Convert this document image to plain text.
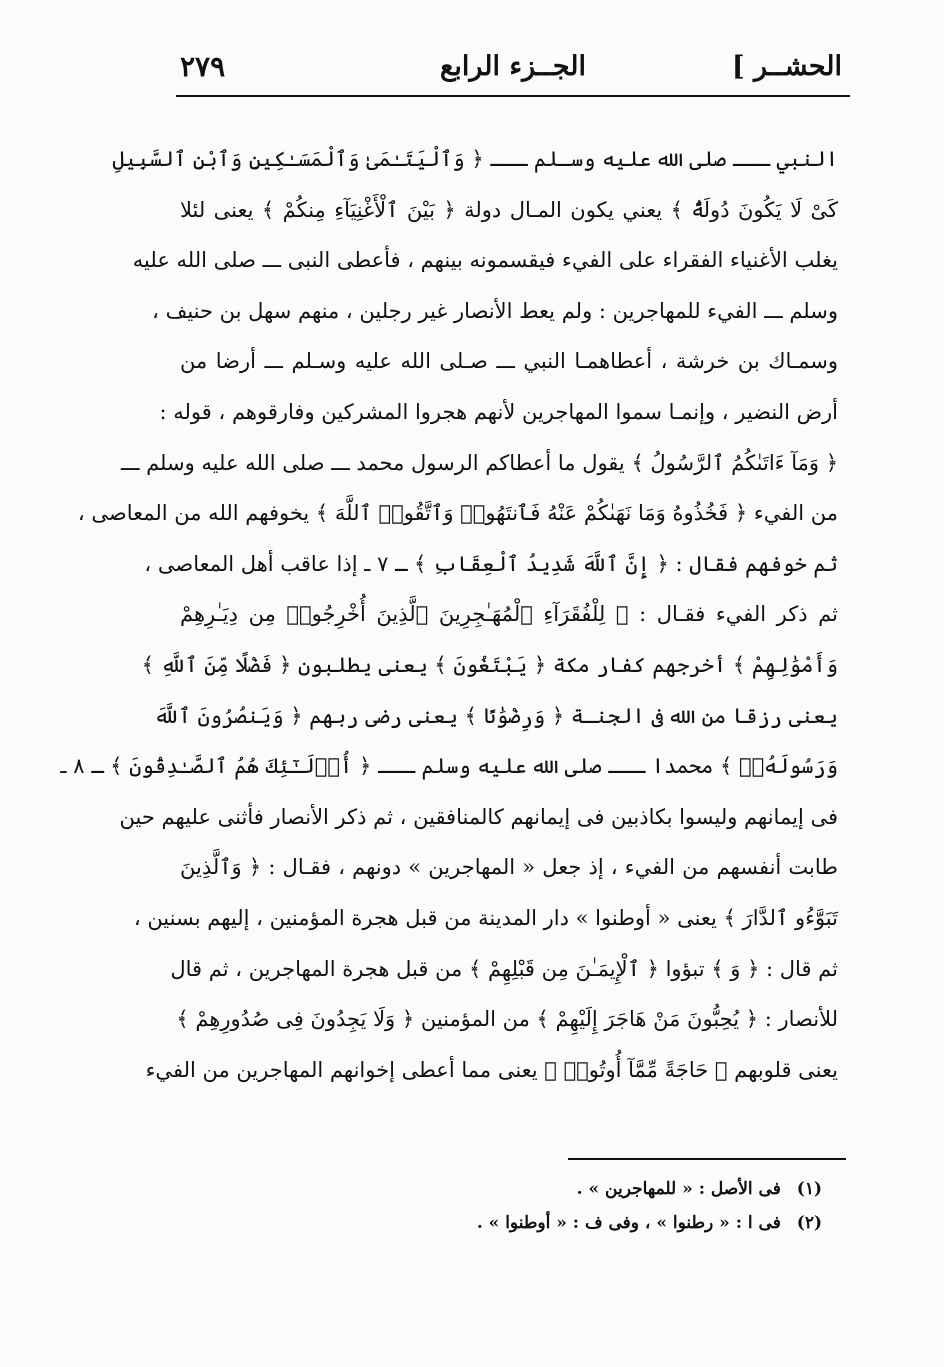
الحشــر ]
الجــزء الرابع
٢٧٩
النبي ـــ صلى الله عليه وسـلم ـــ ﴿ وَٱلْيَتَـٰمَىٰ وَٱلْمَسَـٰكِينِ وَٱبْنِ ٱلسَّبِيلِ
كَىْ لَا يَكُونَ دُولَةًۢ ﴾ يعني يكون المـال دولة ﴿ بَيْنَ ٱلْأَغْنِيَآءِ مِنكُمْ ﴾ يعنى لئلا
يغلب الأغنياء الفقراء على الفيء فيقسمونه بينهم ، فأعطى النبى ـــ صلى الله عليه
وسلم ـــ الفيء للمهاجرين : ولم يعط الأنصار غير رجلين ، منهم سهل بن حنيف ،
وسمـاك بن خرشة ، أعطاهمـا النبي ـــ صـلى الله عليه وسـلم ـــ أرضا من
أرض النضير ، وإنمـا سموا المهاجرين لأنهم هجروا المشركين وفارقوهم ، قوله :
﴿ وَمَآ ءَاتَىٰكُمُ ٱلرَّسُولُ ﴾ يقول ما أعطاكم الرسول محمد ـــ صلى الله عليه وسلم ـــ
من الفيء ﴿ فَخُذُوهُ وَمَا نَهَىٰكُمْ عَنْهُ فَٱنتَهُوا۟ وَٱتَّقُوا۟ ٱللَّهَ ﴾ يخوفهم الله من المعاصى ،
ثم خوفهم فقال : ﴿ إِنَّ ٱللَّهَ شَدِيدُ ٱلْعِقَابِ ﴾ ـ ٧ ـ إذا عاقب أهل المعاصى ،
ثم ذكر الفيء فقـال : ﴿ لِلْفُقَرَآءِ ٱلْمُهَـٰجِرِينَ ٱلَّذِينَ أُخْرِجُوا۟ مِن دِيَـٰرِهِمْ
وَأَمْوَٰلِهِمْ ﴾ أخرجهم كفار مكة ﴿ يَبْتَغُونَ ﴾ يعنى يطلبون ﴿ فَضْلًا مِّنَ ٱللَّهِ ﴾
يعنى رزقا من الله فى الجنـة ﴿ وَرِضْوَٰنًا ﴾ يعنى رضى ربهم ﴿ وَيَنصُرُونَ ٱللَّهَ
وَرَسُولَهُۥٓ ﴾ محمدا ـــ صلى الله عليه وسلم ـــ ﴿ أُو۟لَـٰٓئِكَ هُمُ ٱلصَّـٰدِقُونَ ﴾ ـ ٨ ـ
فى إيمانهم وليسوا بكاذبين فى إيمانهم كالمنافقين ، ثم ذكر الأنصار فأثنى عليهم حين
طابت أنفسهم من الفيء ، إذ جعل « المهاجرين » دونهم ، فقـال : ﴿ وَٱلَّذِينَ
تَبَوَّءُو ٱلدَّارَ ﴾ يعنى « أوطنوا » دار المدينة من قبل هجرة المؤمنين ، إليهم بسنين ،
ثم قال : ﴿ وَ ﴾ تبؤوا ﴿ ٱلْإِيمَـٰنَ مِن قَبْلِهِمْ ﴾ من قبل هجرة المهاجرين ، ثم قال
للأنصار : ﴿ يُحِبُّونَ مَنْ هَاجَرَ إِلَيْهِمْ ﴾ من المؤمنين ﴿ وَلَا يَجِدُونَ فِى صُدُورِهِمْ ﴾
يعنى قلوبهم ﴿ حَاجَةً مِّمَّآ أُوتُوا۟ ﴾ يعنى مما أعطى إخوانهم المهاجرين من الفيء
(١) فى الأصل : « للمهاجرين » .
(٢) فى ا : « رطنوا » ، وفى ف : « أوطنوا » .
